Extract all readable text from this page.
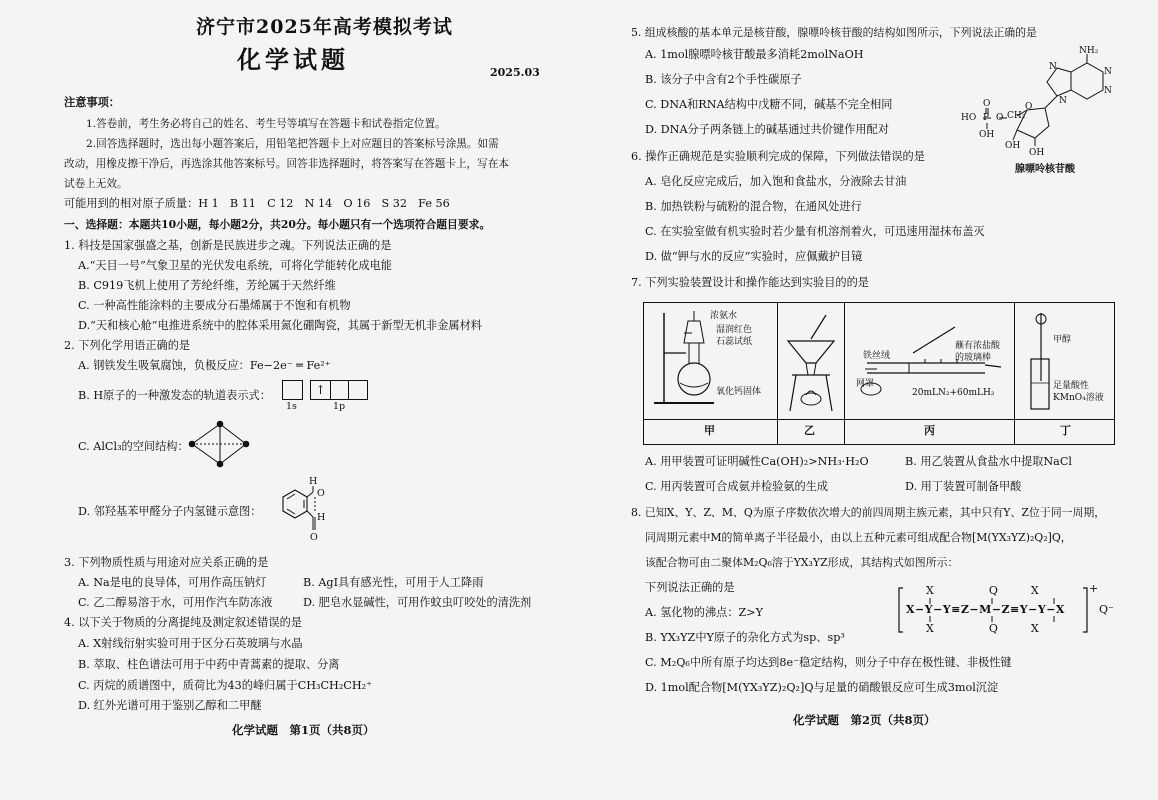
济宁市2025年高考模拟考试
化学试题	2025.03
注意事项：
1.答卷前，考生务必将自己的姓名、考生号等填写在答题卡和试卷指定位置。
2.回答选择题时，选出每小题答案后，用铅笔把答题卡上对应题目的答案标号涂黑。如需
改动，用橡皮擦干净后，再选涂其他答案标号。回答非选择题时，将答案写在答题卡上，写在本
试卷上无效。
可能用到的相对原子质量：H 1　B 11　C 12　N 14　O 16　S 32　Fe 56
一、选择题：本题共10小题，每小题2分，共20分。每小题只有一个选项符合题目要求。
1. 科技是国家强盛之基，创新是民族进步之魂。下列说法正确的是
A.“天目一号”气象卫星的光伏发电系统，可将化学能转化成电能
B. C919飞机上使用了芳纶纤维，芳纶属于天然纤维
C. 一种高性能涂料的主要成分石墨烯属于不饱和有机物
D.“天和核心舱”电推进系统中的腔体采用氮化硼陶瓷，其属于新型无机非金属材料
2. 下列化学用语正确的是
A. 钢铁发生吸氧腐蚀，负极反应：Fe−2e⁻ ═ Fe²⁺
B. H原子的一种激发态的轨道表示式：	↑
1s	1p
C. AlCl₃的空间结构：
D. 邻羟基苯甲醛分子内氢键示意图：
H
O
H
O
3. 下列物质性质与用途对应关系正确的是
A. Na是电的良导体，可用作高压钠灯	B. AgI具有感光性，可用于人工降雨
C. 乙二醇易溶于水，可用作汽车防冻液	D. 肥皂水显碱性，可用作蚊虫叮咬处的清洗剂
4. 以下关于物质的分离提纯及测定叙述错误的是
A. X射线衍射实验可用于区分石英玻璃与水晶
B. 萃取、柱色谱法可用于中药中青蒿素的提取、分离
C. 丙烷的质谱图中，质荷比为43的峰归属于CH₃CH₂CH₂⁺
D. 红外光谱可用于鉴别乙醇和二甲醚
化学试题　第1页（共8页）
5. 组成核酸的基本单元是核苷酸，腺嘌呤核苷酸的结构如图所示，下列说法正确的是
A. 1mol腺嘌呤核苷酸最多消耗2molNaOH
B. 该分子中含有2个手性碳原子
C. DNA和RNA结构中戊糖不同，碱基不完全相同
D. DNA分子两条链上的碱基通过共价键作用配对
NH₂
N
N
N
N
O
HO P O CH₂
OH
O
OH
OH
腺嘌呤核苷酸
6. 操作正确规范是实验顺利完成的保障，下列做法错误的是
A. 皂化反应完成后，加入饱和食盐水，分液除去甘油
B. 加热铁粉与硫粉的混合物，在通风处进行
C. 在实验室做有机实验时若少量有机溶剂着火，可迅速用湿抹布盖灭
D. 做“钾与水的反应”实验时，应佩戴护目镜
7. 下列实验装置设计和操作能达到实验目的的是
甲	乙	丙	丁
浓氨水
湿润红色
石蕊试纸
氧化钙固体
铁丝绒
蘸有浓盐酸
的玻璃棒
网罩
20mLN₂+60mLH₂
甲醇
足量酸性
KMnO₄溶液
A. 用甲装置可证明碱性Ca(OH)₂>NH₃·H₂O	B. 用乙装置从食盐水中提取NaCl
C. 用丙装置可合成氨并检验氨的生成	D. 用丁装置可制备甲酸
8. 已知X、Y、Z、M、Q为原子序数依次增大的前四周期主族元素，其中只有Y、Z位于同一周期，
同周期元素中M的简单离子半径最小，由以上五种元素可组成配合物[M(YX₃YZ)₂Q₂]Q，
该配合物可由二聚体M₂Q₆溶于YX₃YZ形成，其结构式如图所示：
下列说法正确的是
A. 氢化物的沸点：Z>Y
B. YX₃YZ中Y原子的杂化方式为sp、sp³
C. M₂Q₆中所有原子均达到8e⁻稳定结构，则分子中存在极性键、非极性键
D. 1mol配合物[M(YX₃YZ)₂Q₂]Q与足量的硝酸银反应可生成3mol沉淀
X　　　　　Q　　　X
X−Y−Y≡Z−M−Z≡Y−Y−X
X　　　　　Q　　　X
+
Q⁻
化学试题　第2页（共8页）
